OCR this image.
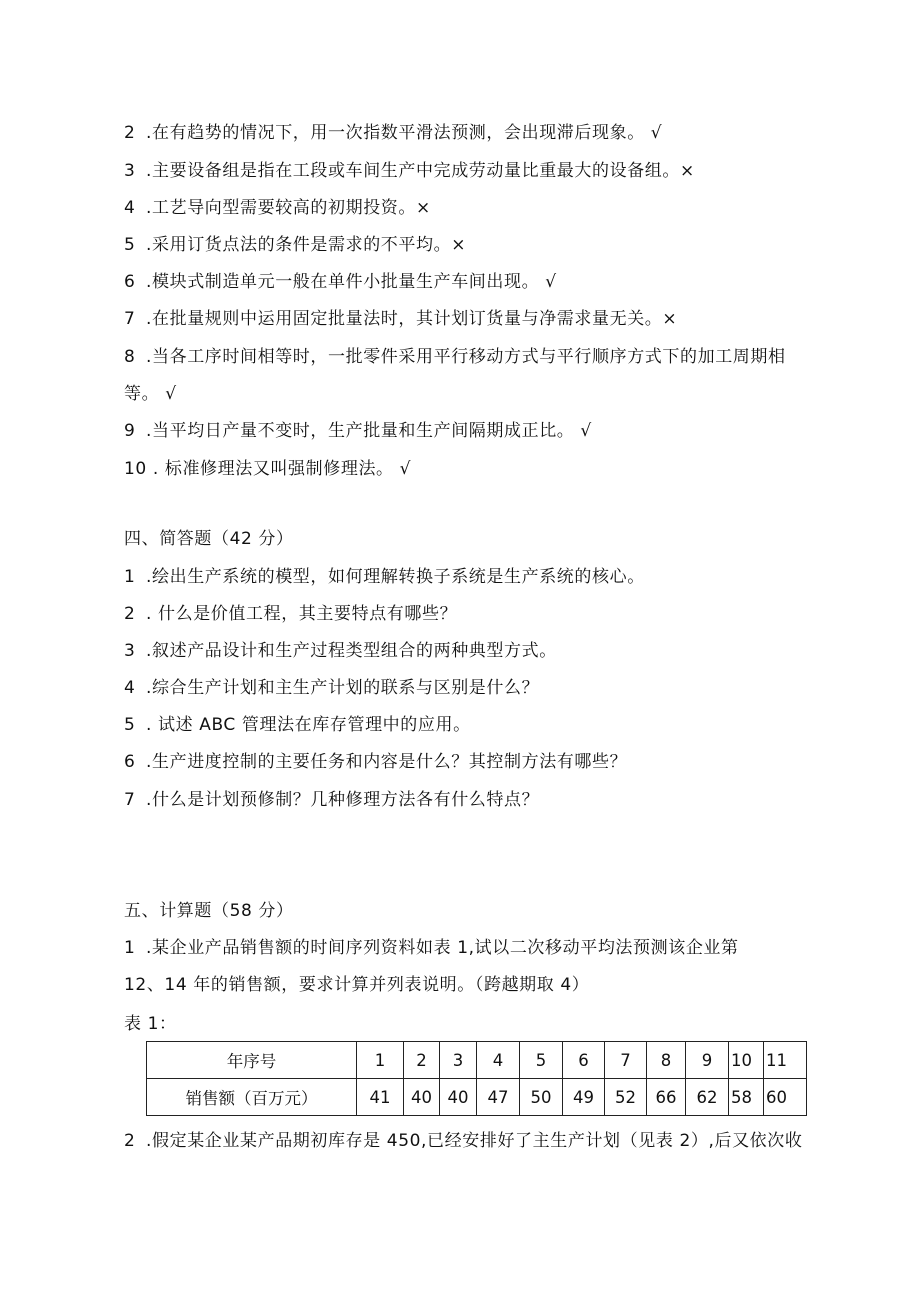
2 .在有趋势的情况下，用一次指数平滑法预测，会出现滞后现象。 √
3 .主要设备组是指在工段或车间生产中完成劳动量比重最大的设备组。×
4 .工艺导向型需要较高的初期投资。×
5 .采用订货点法的条件是需求的不平均。×
6 .模块式制造单元一般在单件小批量生产车间出现。 √
7 .在批量规则中运用固定批量法时，其计划订货量与净需求量无关。×
8 .当各工序时间相等时，一批零件采用平行移动方式与平行顺序方式下的加工周期相
等。 √
9 .当平均日产量不变时，生产批量和生产间隔期成正比。 √
10 . 标准修理法又叫强制修理法。 √
四、简答题（42 分）
1 .绘出生产系统的模型，如何理解转换子系统是生产系统的核心。
2 . 什么是价值工程，其主要特点有哪些？
3 .叙述产品设计和生产过程类型组合的两种典型方式。
4 .综合生产计划和主生产计划的联系与区别是什么？
5 . 试述 ABC 管理法在库存管理中的应用。
6 .生产进度控制的主要任务和内容是什么？其控制方法有哪些？
7 .什么是计划预修制？几种修理方法各有什么特点？
五、计算题（58 分）
1 .某企业产品销售额的时间序列资料如表 1,试以二次移动平均法预测该企业第
12、14 年的销售额，要求计算并列表说明。（跨越期取 4）
表 1：
年序号	1	2	3	4	5	6	7	8	9	10	11
销售额（百万元）	41	40	40	47	50	49	52	66	62	58	60
2 .假定某企业某产品期初库存是 450,已经安排好了主生产计划（见表 2）,后又依次收
